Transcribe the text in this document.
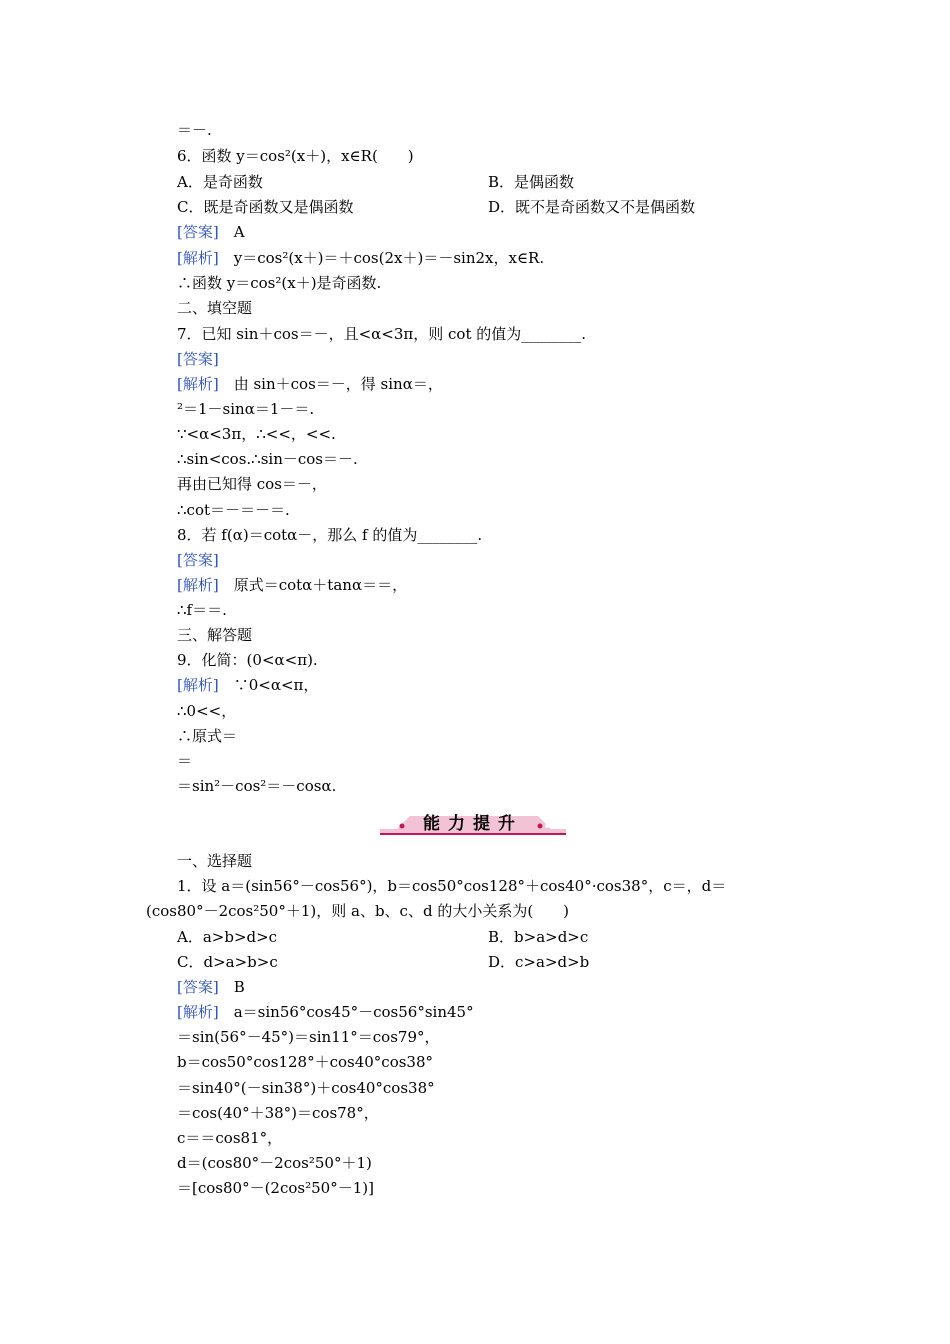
＝－.
6．函数 y＝cos²(x＋)，x∈R(　　)
A．是奇函数	B．是偶函数
C．既是奇函数又是偶函数	D．既不是奇函数又不是偶函数
[答案]　A
[解析]　y＝cos²(x＋)＝＋cos(2x＋)＝－sin2x，x∈R.
∴函数 y＝cos²(x＋)是奇函数.
二、填空题
7．已知 sin＋cos＝－，且<α<3π，则 cot 的值为________.
[答案]
[解析]　由 sin＋cos＝－，得 sinα＝，
²＝1－sinα＝1－＝.
∵<α<3π，∴<<，<<.
∴sin<cos.∴sin－cos＝－.
再由已知得 cos＝－，
∴cot＝－＝－＝.
8．若 f(α)＝cotα－，那么 f 的值为________.
[答案]
[解析]　原式＝cotα＋tanα＝＝，
∴f＝＝.
三、解答题
9．化简：(0<α<π).
[解析]　∵0<α<π，
∴0<<，
∴原式＝
＝
＝sin²－cos²＝－cosα.
能力提升
一、选择题
1．设 a＝(sin56°－cos56°)，b＝cos50°cos128°＋cos40°·cos38°，c＝，d＝
(cos80°－2cos²50°＋1)，则 a、b、c、d 的大小关系为(　　)
A．a>b>d>c	B．b>a>d>c
C．d>a>b>c	D．c>a>d>b
[答案]　B
[解析]　a＝sin56°cos45°－cos56°sin45°
＝sin(56°－45°)＝sin11°＝cos79°，
b＝cos50°cos128°＋cos40°cos38°
＝sin40°(－sin38°)＋cos40°cos38°
＝cos(40°＋38°)＝cos78°，
c＝＝cos81°，
d＝(cos80°－2cos²50°＋1)
＝[cos80°－(2cos²50°－1)]
